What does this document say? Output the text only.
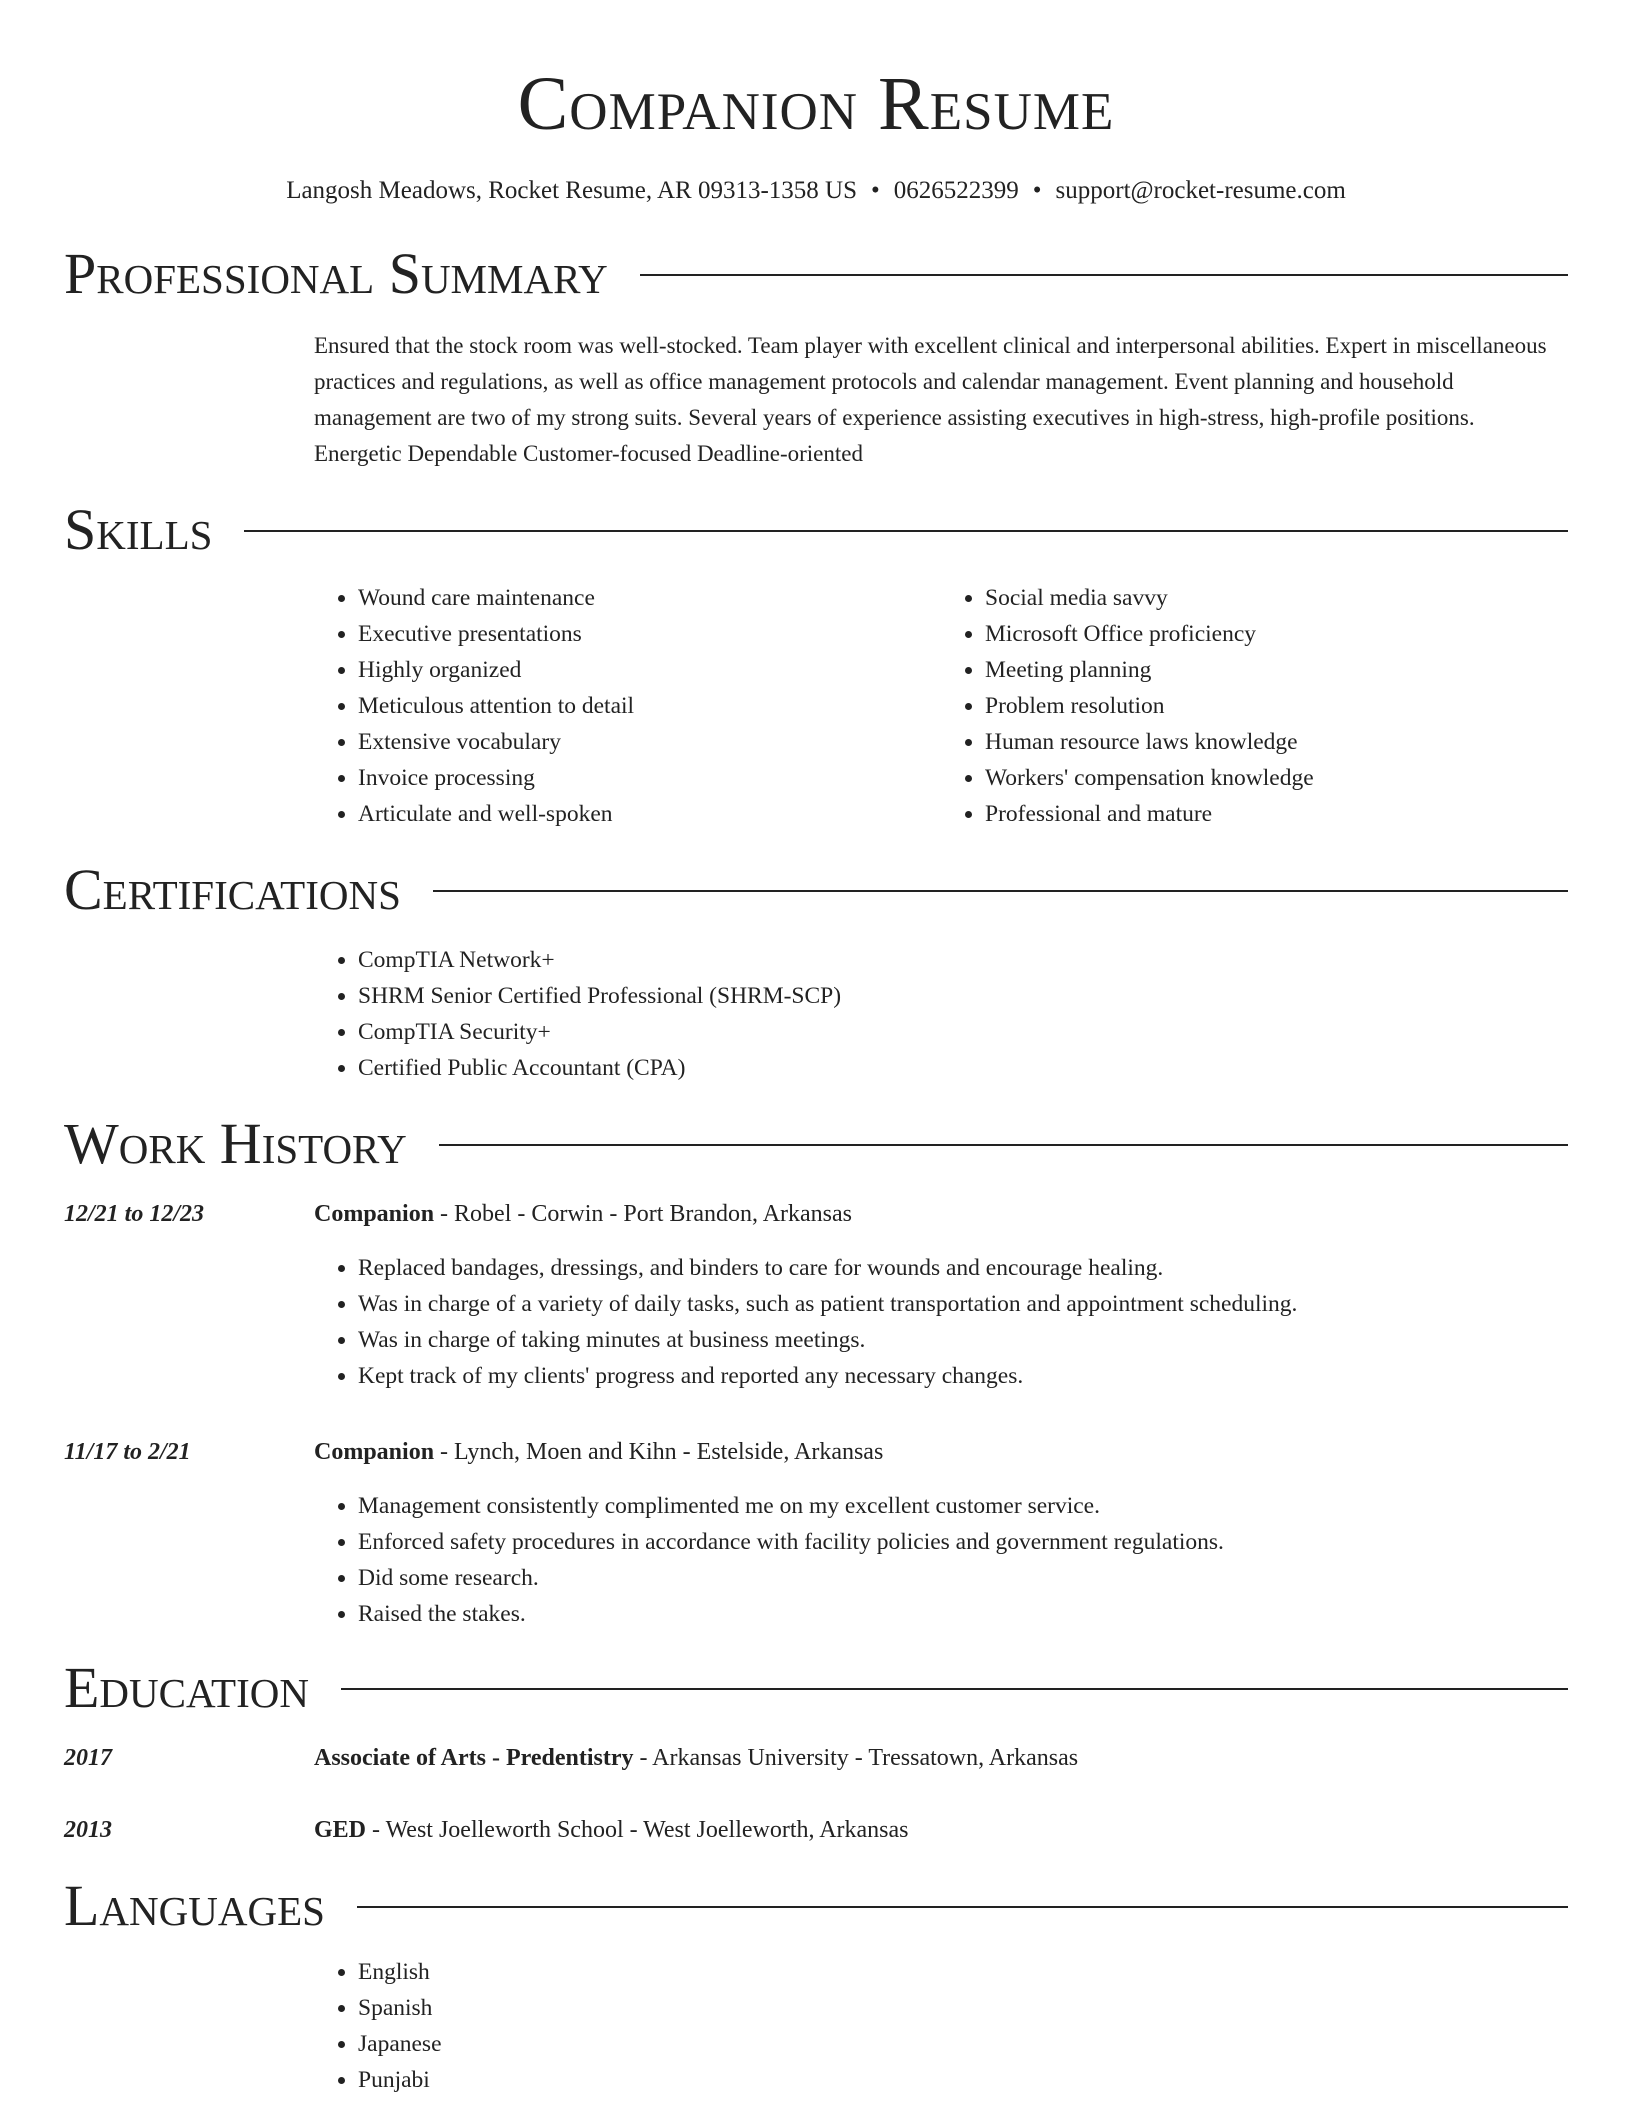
Companion Resume
Langosh Meadows, Rocket Resume, AR 09313-1358 US • 0626522399 • support@rocket-resume.com
Professional Summary
Ensured that the stock room was well-stocked. Team player with excellent clinical and interpersonal abilities. Expert in miscellaneous practices and regulations, as well as office management protocols and calendar management. Event planning and household management are two of my strong suits. Several years of experience assisting executives in high-stress, high-profile positions. Energetic Dependable Customer-focused Deadline-oriented
Skills
• Wound care maintenance
• Executive presentations
• Highly organized
• Meticulous attention to detail
• Extensive vocabulary
• Invoice processing
• Articulate and well-spoken
• Social media savvy
• Microsoft Office proficiency
• Meeting planning
• Problem resolution
• Human resource laws knowledge
• Workers' compensation knowledge
• Professional and mature
Certifications
• CompTIA Network+
• SHRM Senior Certified Professional (SHRM-SCP)
• CompTIA Security+
• Certified Public Accountant (CPA)
Work History
12/21 to 12/23	Companion - Robel - Corwin - Port Brandon, Arkansas
• Replaced bandages, dressings, and binders to care for wounds and encourage healing.
• Was in charge of a variety of daily tasks, such as patient transportation and appointment scheduling.
• Was in charge of taking minutes at business meetings.
• Kept track of my clients' progress and reported any necessary changes.
11/17 to 2/21	Companion - Lynch, Moen and Kihn - Estelside, Arkansas
• Management consistently complimented me on my excellent customer service.
• Enforced safety procedures in accordance with facility policies and government regulations.
• Did some research.
• Raised the stakes.
Education
2017	Associate of Arts - Predentistry - Arkansas University - Tressatown, Arkansas
2013	GED - West Joelleworth School - West Joelleworth, Arkansas
Languages
• English
• Spanish
• Japanese
• Punjabi
